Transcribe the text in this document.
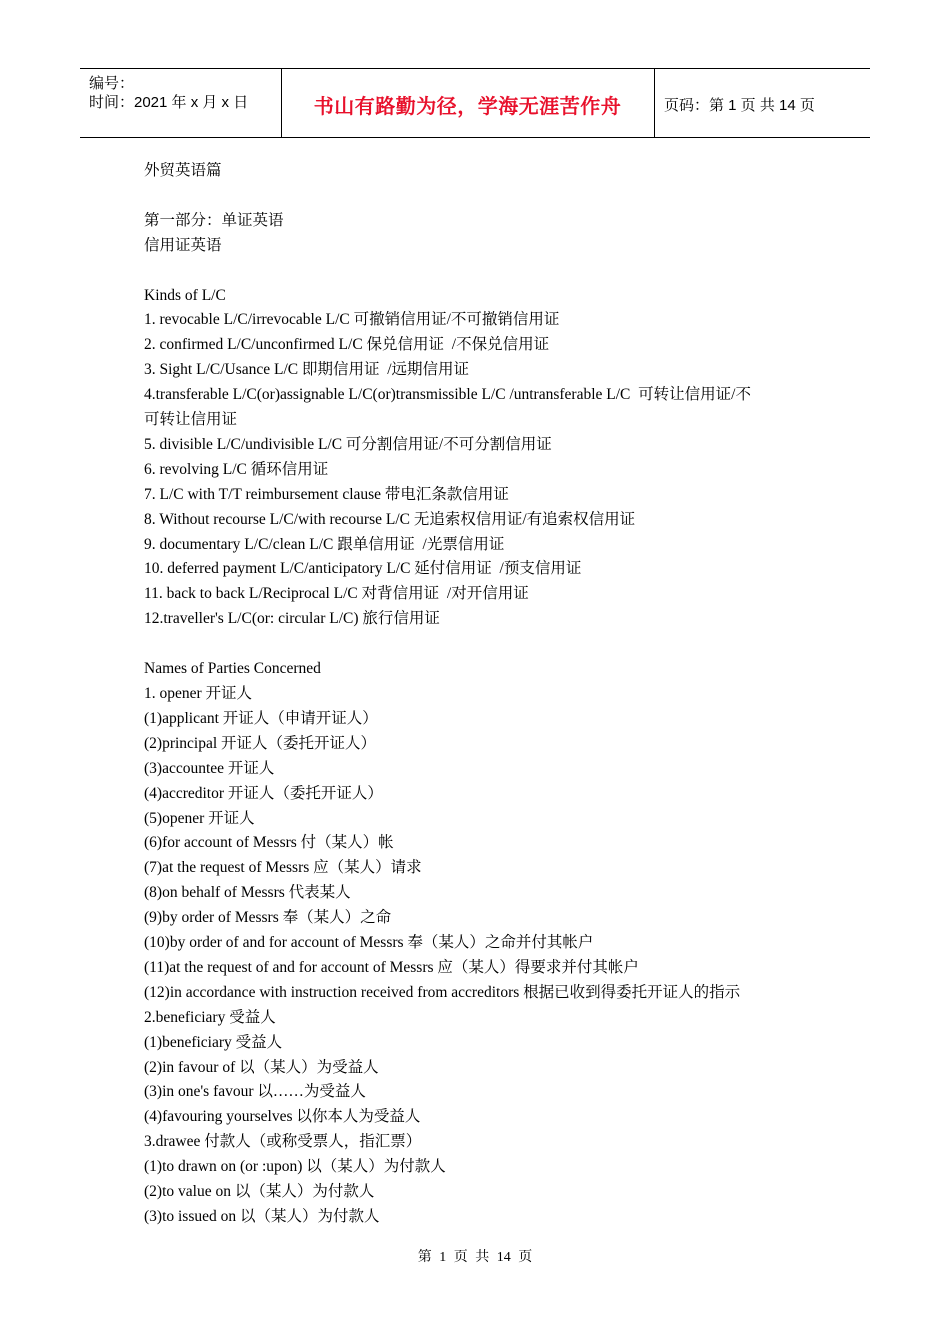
编号：
时间：2021 年 x 月 x 日	书山有路勤为径，学海无涯苦作舟	页码：第 1 页 共 14 页
外贸英语篇
第一部分：单证英语
信用证英语
Kinds of L/C
1. revocable L/C/irrevocable L/C 可撤销信用证/不可撤销信用证
2. confirmed L/C/unconfirmed L/C 保兑信用证  /不保兑信用证
3. Sight L/C/Usance L/C 即期信用证  /远期信用证
4.transferable L/C(or)assignable L/C(or)transmissible L/C /untransferable L/C  可转让信用证/不
可转让信用证
5. divisible L/C/undivisible L/C 可分割信用证/不可分割信用证
6. revolving L/C 循环信用证
7. L/C with T/T reimbursement clause 带电汇条款信用证
8. Without recourse L/C/with recourse L/C 无追索权信用证/有追索权信用证
9. documentary L/C/clean L/C 跟单信用证  /光票信用证
10. deferred payment L/C/anticipatory L/C 延付信用证  /预支信用证
11. back to back L/Reciprocal L/C 对背信用证  /对开信用证
12.traveller's L/C(or: circular L/C) 旅行信用证
Names of Parties Concerned
1. opener 开证人
(1)applicant 开证人（申请开证人）
(2)principal 开证人（委托开证人）
(3)accountee 开证人
(4)accreditor 开证人（委托开证人）
(5)opener 开证人
(6)for account of Messrs 付（某人）帐
(7)at the request of Messrs 应（某人）请求
(8)on behalf of Messrs 代表某人
(9)by order of Messrs 奉（某人）之命
(10)by order of and for account of Messrs 奉（某人）之命并付其帐户
(11)at the request of and for account of Messrs 应（某人）得要求并付其帐户
(12)in accordance with instruction received from accreditors 根据已收到得委托开证人的指示
2.beneficiary 受益人
(1)beneficiary 受益人
(2)in favour of 以（某人）为受益人
(3)in one's favour 以……为受益人
(4)favouring yourselves 以你本人为受益人
3.drawee 付款人（或称受票人，指汇票）
(1)to drawn on (or :upon) 以（某人）为付款人
(2)to value on 以（某人）为付款人
(3)to issued on 以（某人）为付款人
第 1 页 共 14 页
